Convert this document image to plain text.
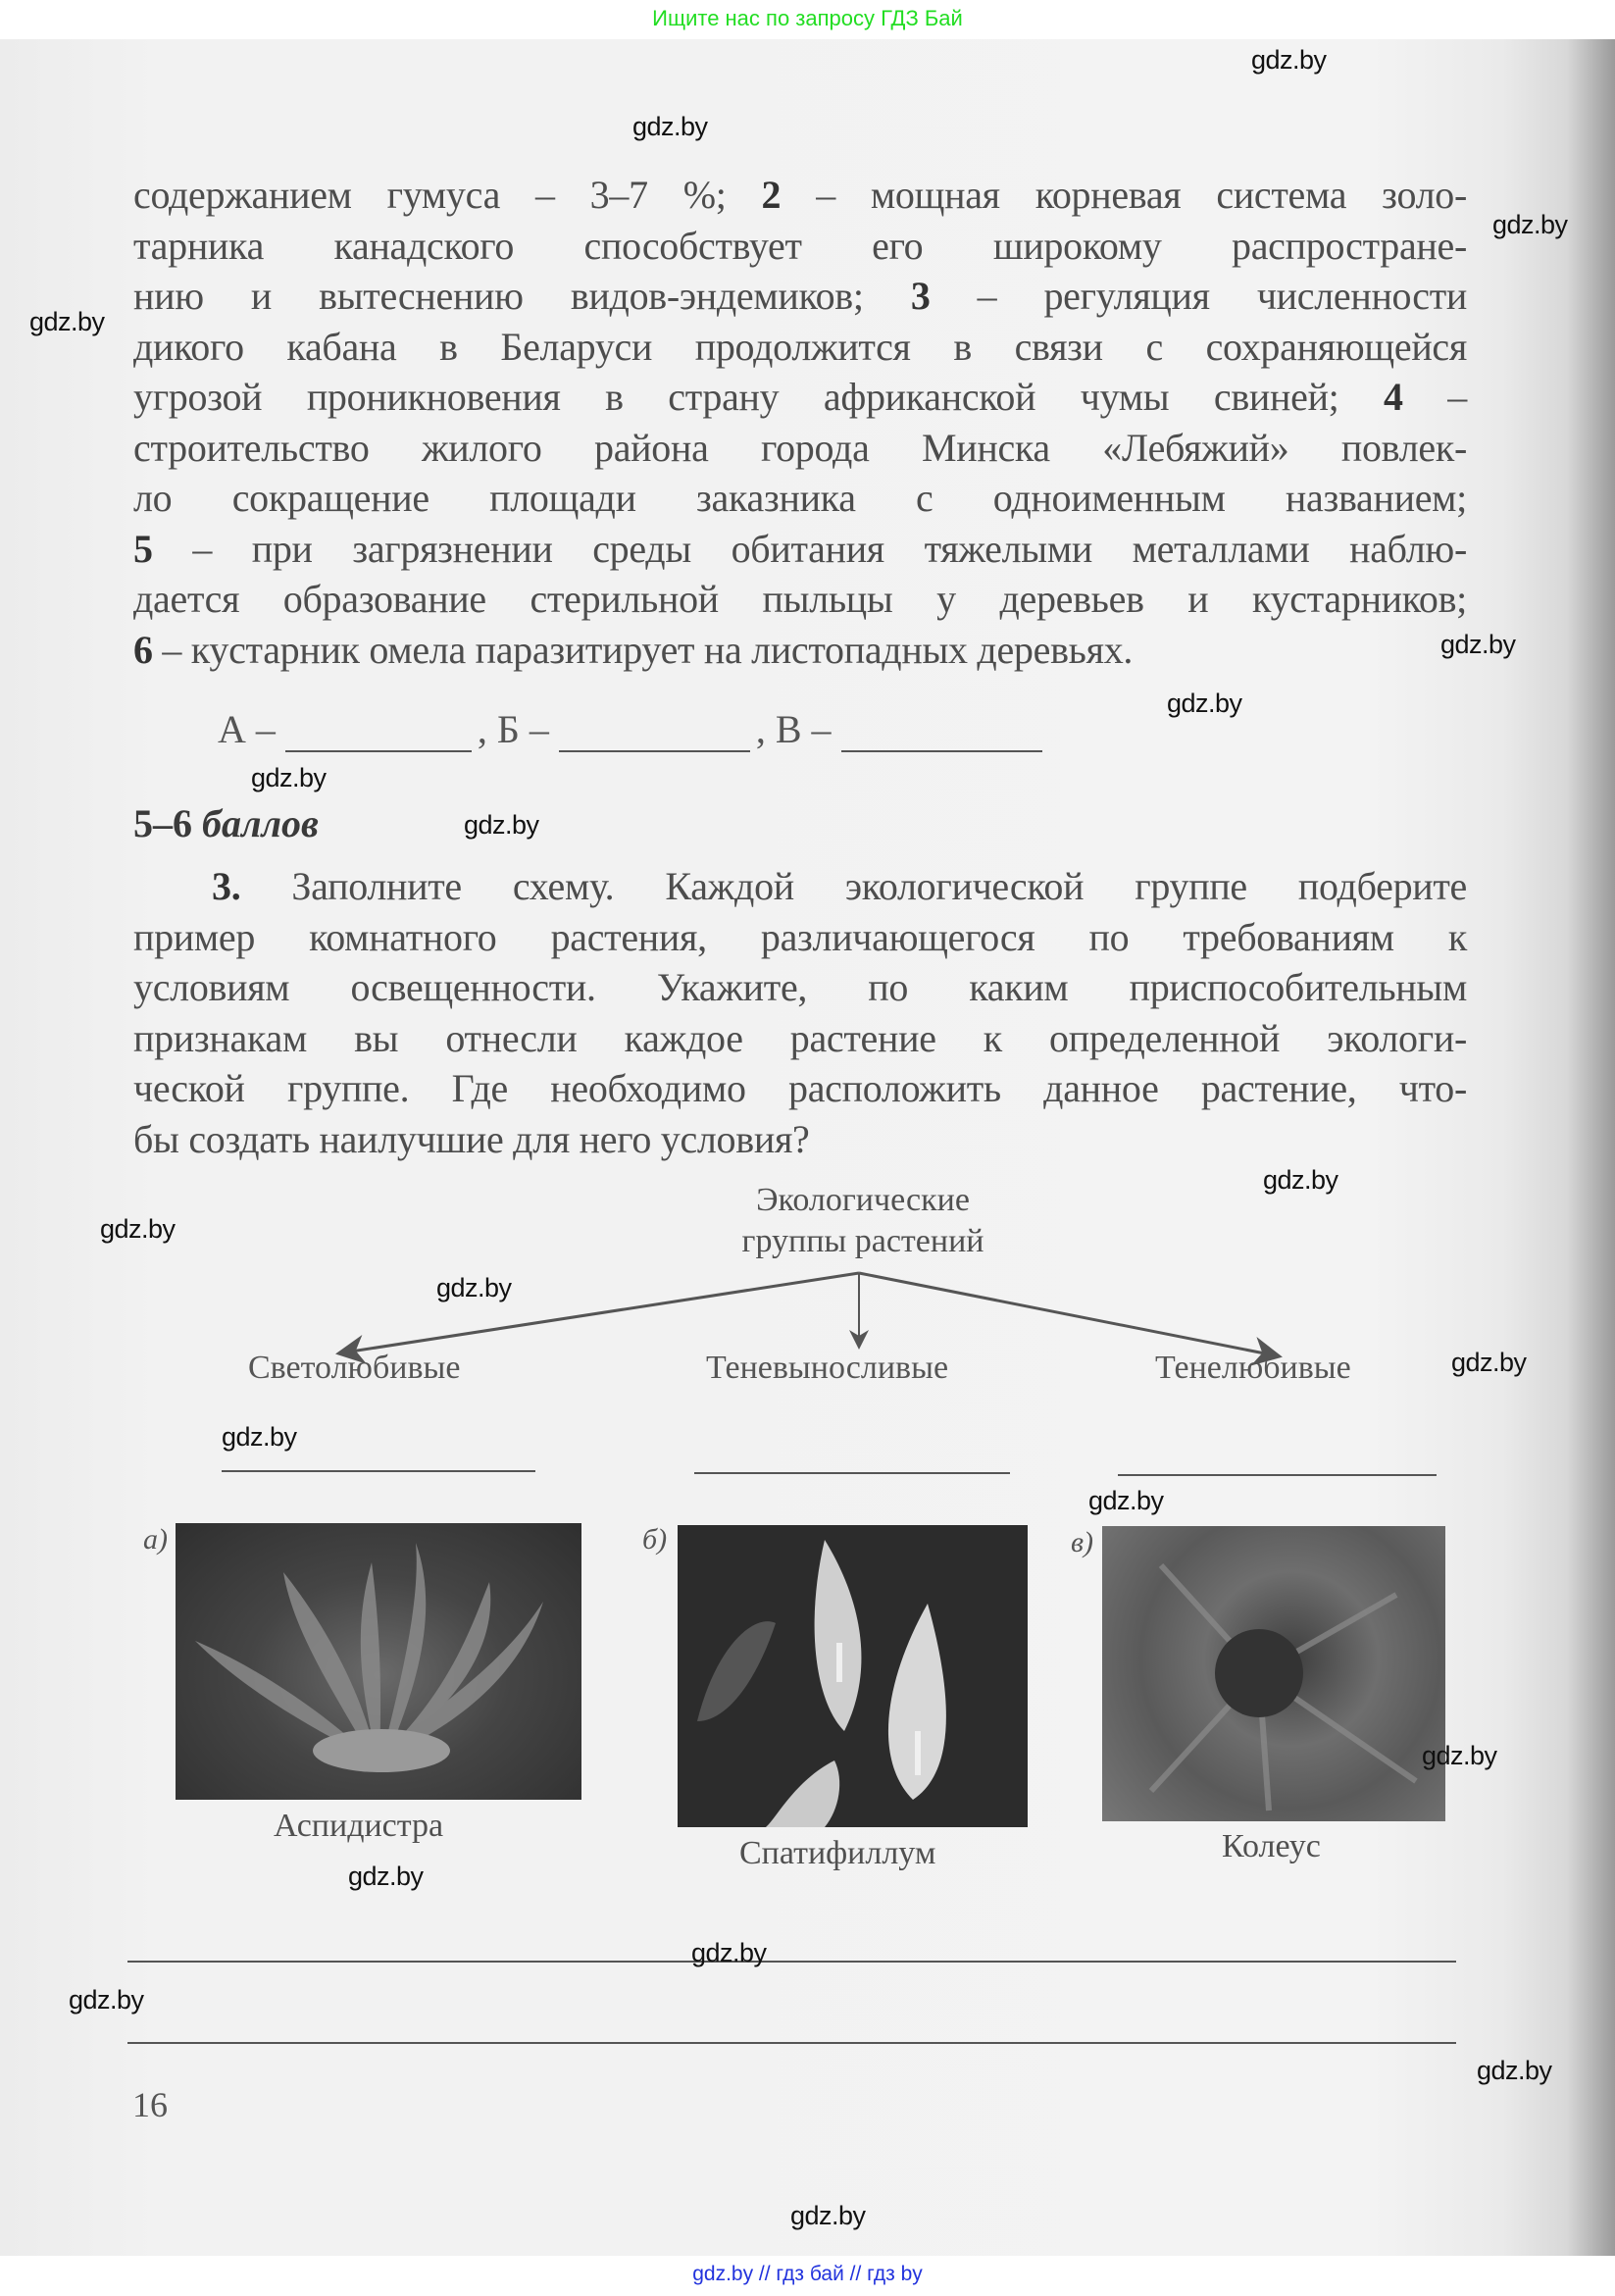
Ищите нас по запросу ГДЗ Бай
содержанием гумуса – 3–7 %; 2 – мощная корневая система золо-
тарника канадского способствует его широкому распростране-
нию и вытеснению видов-эндемиков; 3 – регуляция численности
дикого кабана в Беларуси продолжится в связи с сохраняющейся
угрозой проникновения в страну африканской чумы свиней; 4 –
строительство жилого района города Минска «Лебяжий» повлек-
ло сокращение площади заказника с одноименным названием;
5 – при загрязнении среды обитания тяжелыми металлами наблю-
дается образование стерильной пыльцы у деревьев и кустарников;
6 – кустарник омела паразитирует на листопадных деревьях.
А –	, Б –	, В –
5–6 баллов
3. Заполните схему. Каждой экологической группе подберите
пример комнатного растения, различающегося по требованиям к
условиям освещенности. Укажите, по каким приспособительным
признакам вы отнесли каждое растение к определенной экологи-
ческой группе. Где необходимо расположить данное растение, что-
бы создать наилучшие для него условия?
Экологические
группы растений
Светолюбивые	Теневыносливые	Тенелюбивые
а)
Аспидистра
б)
Спатифиллум
в)
Колеус
16
gdz.by
gdz.by
gdz.by
gdz.by
gdz.by
gdz.by
gdz.by
gdz.by
gdz.by
gdz.by
gdz.by
gdz.by
gdz.by
gdz.by
gdz.by
gdz.by
gdz.by
gdz.by
gdz.by
gdz.by
gdz.by // гдз бай // гдз by
